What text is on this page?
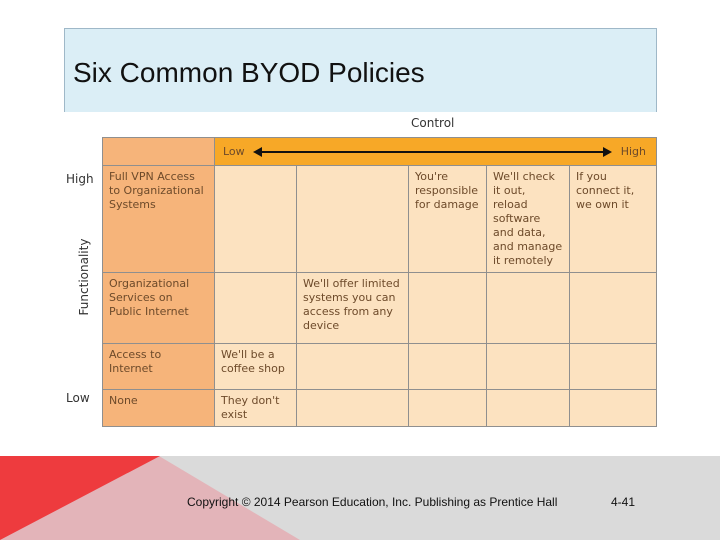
Six Common BYOD Policies
Control
Functionality
High
Low

	Low High				

Full VPN Access to Organizational Systems			You're responsible for damage	We'll check it out, reload software and data, and manage it remotely	If you connect it, we own it
Organizational Services on Public Internet		We'll offer limited systems you can access from any device			
Access to Internet	We'll be a coffee shop				
None	They don't exist				
Copyright © 2014 Pearson Education, Inc. Publishing as Prentice Hall	4-41
